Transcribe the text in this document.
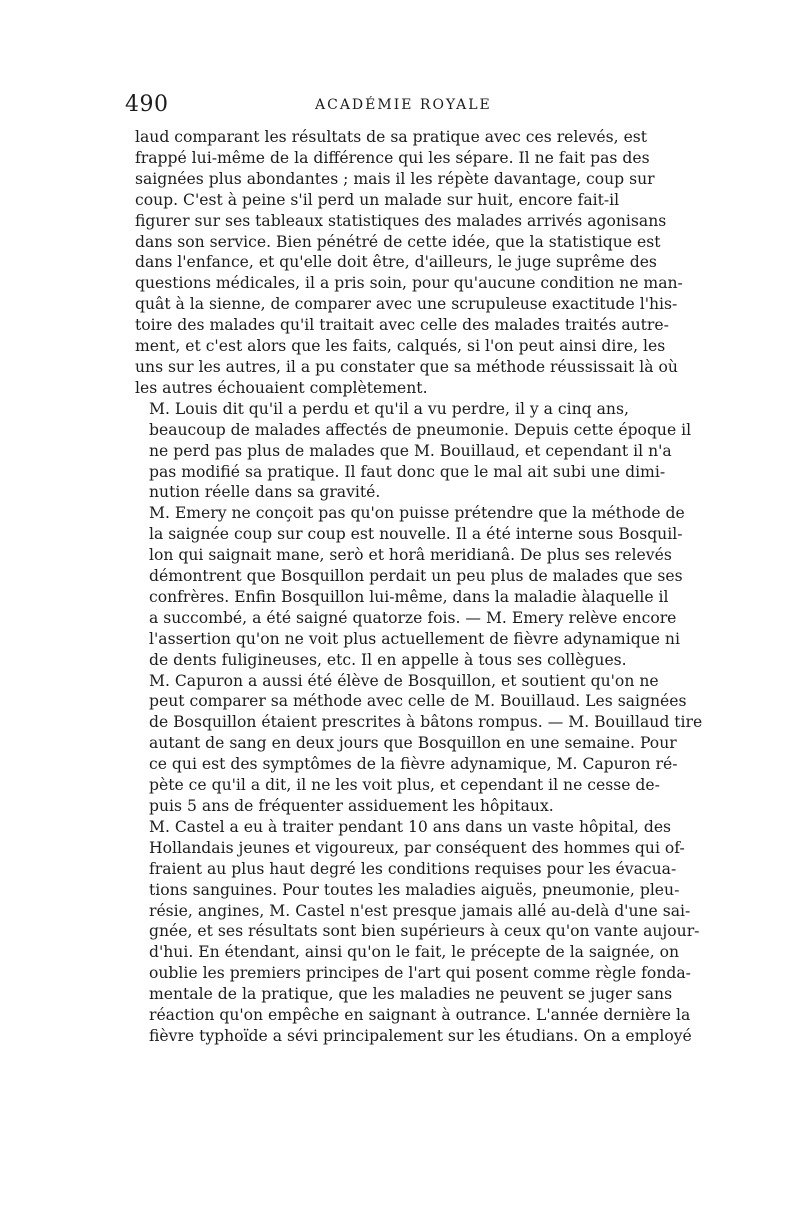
490	ACADÉMIE ROYALE

laud comparant les résultats de sa pratique avec ces relevés, est
frappé lui-même de la différence qui les sépare. Il ne fait pas des
saignées plus abondantes ; mais il les répète davantage, coup sur
coup. C'est à peine s'il perd un malade sur huit, encore fait-il
figurer sur ses tableaux statistiques des malades arrivés agonisans
dans son service. Bien pénétré de cette idée, que la statistique est
dans l'enfance, et qu'elle doit être, d'ailleurs, le juge suprême des
questions médicales, il a pris soin, pour qu'aucune condition ne man-
quât à la sienne, de comparer avec une scrupuleuse exactitude l'his-
toire des malades qu'il traitait avec celle des malades traités autre-
ment, et c'est alors que les faits, calqués, si l'on peut ainsi dire, les
uns sur les autres, il a pu constater que sa méthode réussissait là où
les autres échouaient complètement.

M. Louis dit qu'il a perdu et qu'il a vu perdre, il y a cinq ans,
beaucoup de malades affectés de pneumonie. Depuis cette époque il
ne perd pas plus de malades que M. Bouillaud, et cependant il n'a
pas modifié sa pratique. Il faut donc que le mal ait subi une dimi-
nution réelle dans sa gravité.

M. Emery ne conçoit pas qu'on puisse prétendre que la méthode de
la saignée coup sur coup est nouvelle. Il a été interne sous Bosquil-
lon qui saignait mane, serò et horâ meridianâ. De plus ses relevés
démontrent que Bosquillon perdait un peu plus de malades que ses
confrères. Enfin Bosquillon lui-même, dans la maladie àlaquelle il
a succombé, a été saigné quatorze fois. — M. Emery relève encore
l'assertion qu'on ne voit plus actuellement de fièvre adynamique ni
de dents fuligineuses, etc. Il en appelle à tous ses collègues.

M. Capuron a aussi été élève de Bosquillon, et soutient qu'on ne
peut comparer sa méthode avec celle de M. Bouillaud. Les saignées
de Bosquillon étaient prescrites à bâtons rompus. — M. Bouillaud tire
autant de sang en deux jours que Bosquillon en une semaine. Pour
ce qui est des symptômes de la fièvre adynamique, M. Capuron ré-
pète ce qu'il a dit, il ne les voit plus, et cependant il ne cesse de-
puis 5 ans de fréquenter assiduement les hôpitaux.

M. Castel a eu à traiter pendant 10 ans dans un vaste hôpital, des
Hollandais jeunes et vigoureux, par conséquent des hommes qui of-
fraient au plus haut degré les conditions requises pour les évacua-
tions sanguines. Pour toutes les maladies aiguës, pneumonie, pleu-
résie, angines, M. Castel n'est presque jamais allé au-delà d'une sai-
gnée, et ses résultats sont bien supérieurs à ceux qu'on vante aujour-
d'hui. En étendant, ainsi qu'on le fait, le précepte de la saignée, on
oublie les premiers principes de l'art qui posent comme règle fonda-
mentale de la pratique, que les maladies ne peuvent se juger sans
réaction qu'on empêche en saignant à outrance. L'année dernière la
fièvre typhoïde a sévi principalement sur les étudians. On a employé
